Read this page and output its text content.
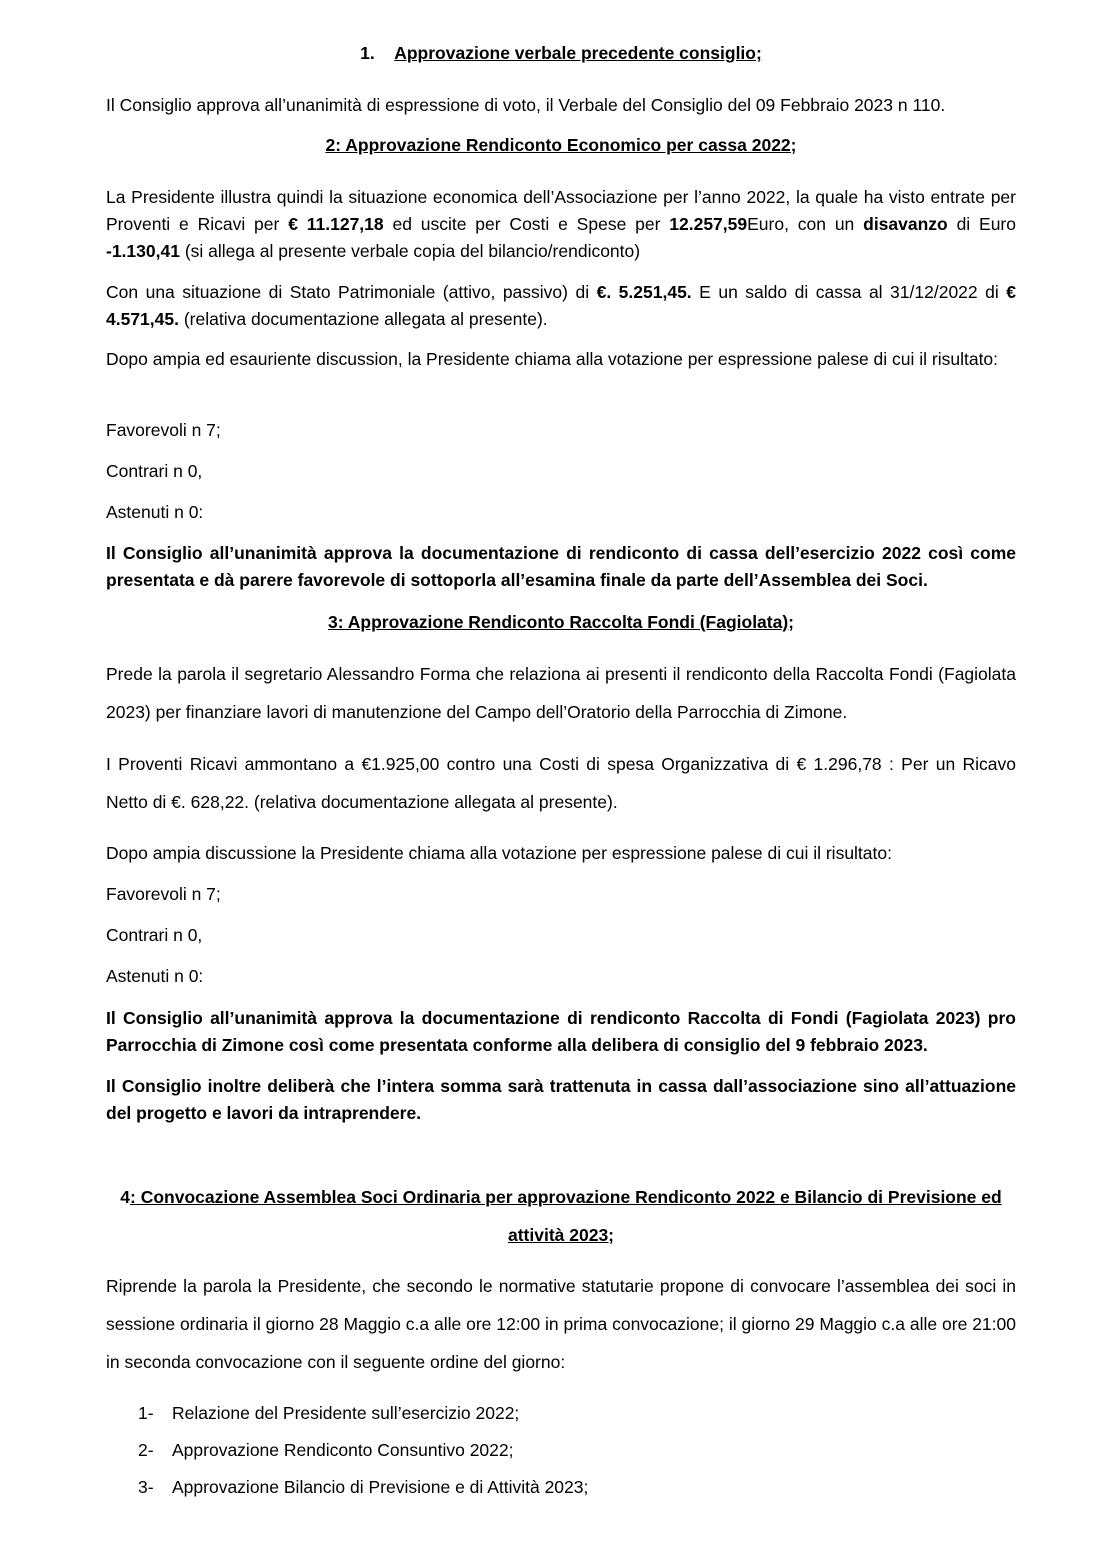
1. Approvazione verbale precedente consiglio;

Il Consiglio approva all’unanimità di espressione di voto, il Verbale del Consiglio del 09 Febbraio 2023 n 110.

2: Approvazione Rendiconto Economico per cassa 2022;

La Presidente illustra quindi la situazione economica dell’Associazione per l’anno 2022, la quale ha visto entrate per Proventi e Ricavi per € 11.127,18 ed uscite per Costi e Spese per 12.257,59Euro, con un disavanzo di Euro -1.130,41 (si allega al presente verbale copia del bilancio/rendiconto)

Con una situazione di Stato Patrimoniale (attivo, passivo) di €. 5.251,45. E un saldo di cassa al 31/12/2022 di € 4.571,45. (relativa documentazione allegata al presente).

Dopo ampia ed esauriente discussion, la Presidente chiama alla votazione per espressione palese di cui il risultato:

Favorevoli n 7;

Contrari n 0,

Astenuti n 0:

Il Consiglio all’unanimità approva la documentazione di rendiconto di cassa dell’esercizio 2022 così come presentata e dà parere favorevole di sottoporla all’esamina finale da parte dell’Assemblea dei Soci.

3: Approvazione Rendiconto Raccolta Fondi (Fagiolata);

Prede la parola il segretario Alessandro Forma che relaziona ai presenti il rendiconto della Raccolta Fondi (Fagiolata 2023) per finanziare lavori di manutenzione del Campo dell’Oratorio della Parrocchia di Zimone.

I Proventi Ricavi ammontano a €1.925,00 contro una Costi di spesa Organizzativa di € 1.296,78 : Per un Ricavo Netto di €. 628,22. (relativa documentazione allegata al presente).

Dopo ampia discussione la Presidente chiama alla votazione per espressione palese di cui il risultato:

Favorevoli n 7;

Contrari n 0,

Astenuti n 0:

Il Consiglio all’unanimità approva la documentazione di rendiconto Raccolta di Fondi (Fagiolata 2023) pro Parrocchia di Zimone così come presentata conforme alla delibera di consiglio del 9 febbraio 2023.

Il Consiglio inoltre deliberà che l’intera somma sarà trattenuta in cassa dall’associazione sino all’attuazione del progetto e lavori da intraprendere.

4: Convocazione Assemblea Soci Ordinaria per approvazione Rendiconto 2022 e Bilancio di Previsione ed attività 2023;

Riprende la parola la Presidente, che secondo le normative statutarie propone di convocare l’assemblea dei soci in sessione ordinaria il giorno 28 Maggio c.a alle ore 12:00 in prima convocazione; il giorno 29 Maggio c.a alle ore 21:00 in seconda convocazione con il seguente ordine del giorno:

1-	Relazione del Presidente sull’esercizio 2022;
2-	Approvazione Rendiconto Consuntivo 2022;
3-	Approvazione Bilancio di Previsione e di Attività 2023;
